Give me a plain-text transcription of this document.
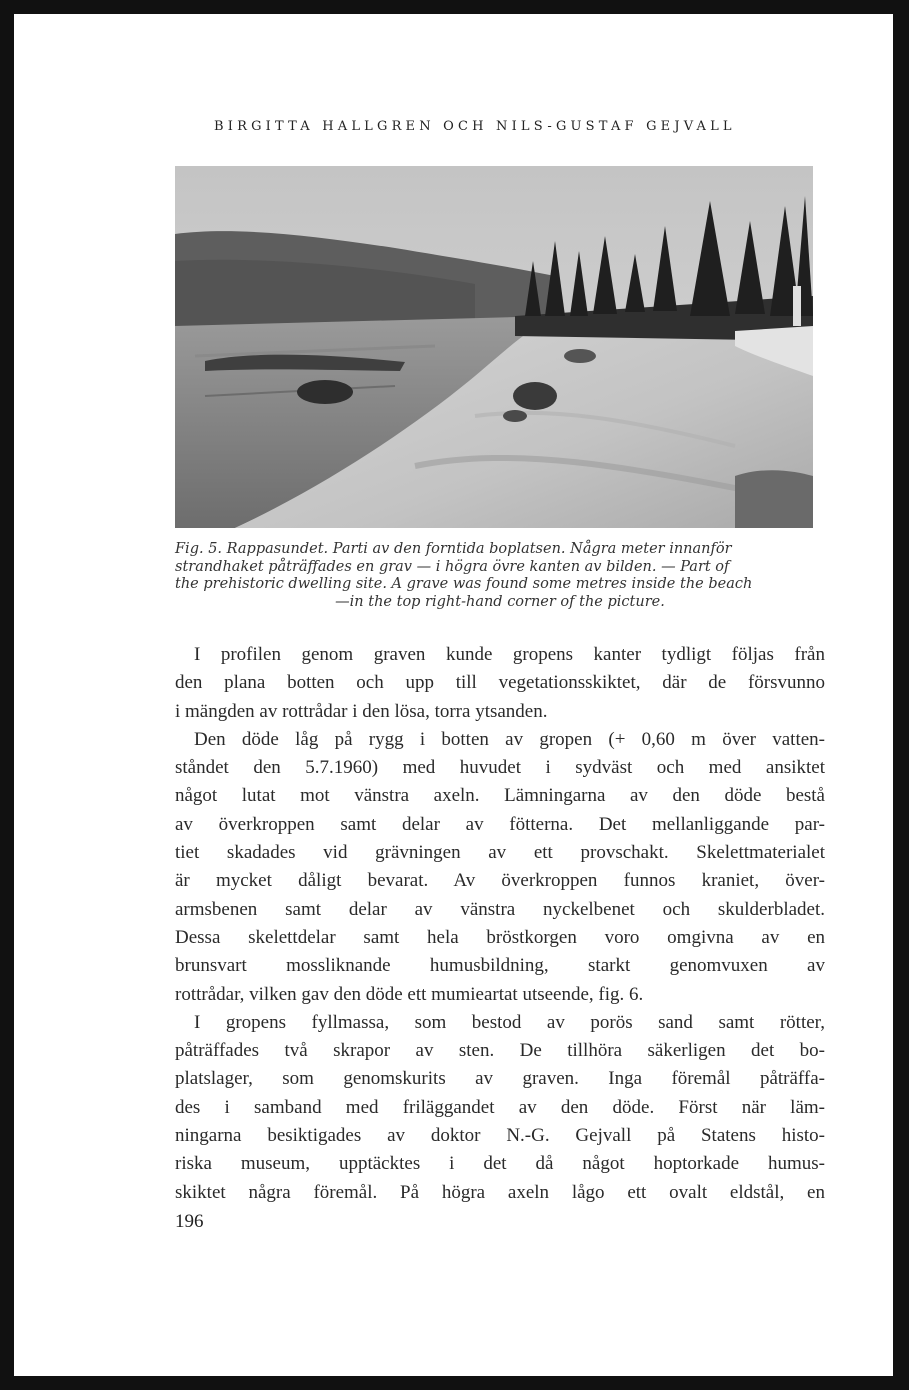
BIRGITTA HALLGREN OCH NILS-GUSTAF GEJVALL
Fig. 5. Rappasundet. Parti av den forntida boplatsen. Några meter innanför
strandhaket påträffades en grav — i högra övre kanten av bilden. — Part of
the prehistoric dwelling site. A grave was found some metres inside the beach
—in the top right-hand corner of the picture.
I profilen genom graven kunde gropens kanter tydligt följas från
den plana botten och upp till vegetationsskiktet, där de försvunno
i mängden av rottrådar i den lösa, torra ytsanden.
Den döde låg på rygg i botten av gropen (+ 0,60 m över vatten-
ståndet den 5.7.1960) med huvudet i sydväst och med ansiktet
något lutat mot vänstra axeln. Lämningarna av den döde bestå
av överkroppen samt delar av fötterna. Det mellanliggande par-
tiet skadades vid grävningen av ett provschakt. Skelettmaterialet
är mycket dåligt bevarat. Av överkroppen funnos kraniet, över-
armsbenen samt delar av vänstra nyckelbenet och skulderbladet.
Dessa skelettdelar samt hela bröstkorgen voro omgivna av en
brunsvart mossliknande humusbildning, starkt genomvuxen av
rottrådar, vilken gav den döde ett mumieartat utseende, fig. 6.
I gropens fyllmassa, som bestod av porös sand samt rötter,
påträffades två skrapor av sten. De tillhöra säkerligen det bo-
platslager, som genomskurits av graven. Inga föremål påträffa-
des i samband med friläggandet av den döde. Först när läm-
ningarna besiktigades av doktor N.-G. Gejvall på Statens histo-
riska museum, upptäcktes i det då något hoptorkade humus-
skiktet några föremål. På högra axeln lågo ett ovalt eldstål, en
196
